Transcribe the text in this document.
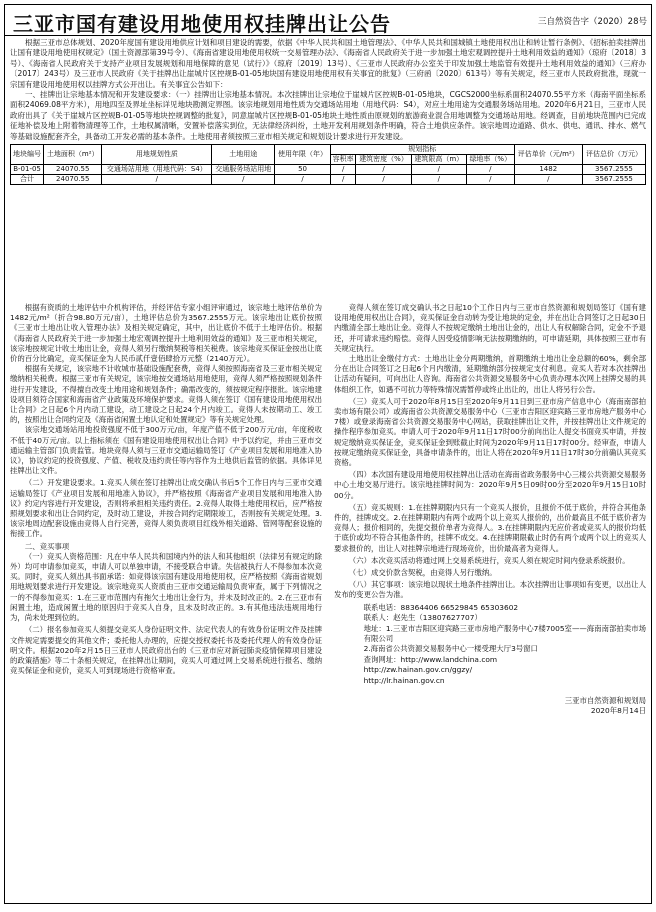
三亚市国有建设用地使用权挂牌出让公告	三自然资告字（2020）28号

根据三亚市总体规划、2020年度国有建设用地供应计划和项目建设的需要，依据《中华人民共和国土地管理法》、《中华人民共和国城镇土地使用权出让和转让暂行条例》、《招标拍卖挂牌出让国有建设用地使用权规定》（国土资源部第39号令）、《海南省建设用地使用权统一交易管理办法》、《海南省人民政府关于进一步加强土地宏观调控提升土地利用效益的通知》（琼府〔2018〕3号）、《海南省人民政府关于支持产业项目发展规划和用地保障的意见（试行）》（琼府〔2019〕13号）、《三亚市人民政府办公室关于印发加强土地监管有效提升土地利用效益的通知》（三府办〔2017〕243号）及三亚市人民政府《关于挂牌出让崖城片区控规B-01-05地块国有建设用地使用权有关事宜的批复》（三府函〔2020〕613号）等有关规定，经三亚市人民政府批准，现就一宗国有建设用地使用权以挂牌方式公开出让。有关事宜公告如下：

一、挂牌出让宗地基本情况和开发建设要求：（一）挂牌出让宗地基本情况。本次挂牌出让宗地位于崖城片区控规B-01-05地块，CGCS2000坐标系面积24070.55平方米（海南平面坐标系面积24069.08平方米），用地四至及界址坐标详见地块勘测定界图。该宗地规划用地性质为交通场站用地（用地代码：S4），对应土地用途为交通服务场站用地。2020年6月21日，三亚市人民政府出具了《关于崖城片区控规B-01-05等地块控规调整的批复》，同意崖城片区控规B-01-05地块土地性质由原规划的旅游商业混合用地调整为交通场站用地。经调查，目前地块范围内已完成征地补偿及地上附着物清理等工作，土地权属清晰，安置补偿落实到位，无法律经济纠纷，土地开发利用规划条件明确，符合土地供应条件。该宗地周边道路、供水、供电、通讯、排水、燃气等基础设施配套齐全，具备动工开发必需的基本条件。土地使用者须按照三亚市相关规定和规划设计要求进行开发建设。

地块编号	土地面积（m²）	用地规划性质	土地用途	使用年限（年）	规划指标				评估单价（元/m²）	评估总价（万元）
					容积率	建筑密度（%）	建筑限高（m）	绿地率（%）		
B-01-05	24070.55	交通场站用地（用地代码：S4）	交通服务场站用地	50	/	/	/	/	1482	3567.2555
合计	24070.55	/	/	/	/	/	/	/	/	3567.2555

根据有资质的土地评估中介机构评估，并经评估专家小组评审通过，该宗地土地评估单价为1482元/m²（折合98.80万元/亩），土地评估总价为3567.2555万元。该宗地出让底价按照《三亚市土地出让收入管理办法》及相关规定确定，其中，出让底价不低于土地评估价。根据《海南省人民政府关于进一步加强土地宏观调控提升土地利用效益的通知》及三亚市相关规定，该宗地按规定计收土地出让金，竞得人须另行缴纳契税等相关税费。该宗地竞买保证金按出让底价的百分比确定，竞买保证金为人民币贰仟壹佰肆拾万元整（2140万元）。

根据有关规定，该宗地不计收城市基础设施配套费，竞得人须按照海南省及三亚市相关规定缴纳相关税费。根据三亚市有关规定，该宗地按交通场站用地使用，竞得人须严格按照规划条件进行开发建设，不得擅自改变土地用途和规划条件；确需改变的，须按规定程序报批。该宗地建设项目须符合国家和海南省产业政策及环境保护要求。竞得人须在签订《国有建设用地使用权出让合同》之日起6个月内动工建设，动工建设之日起24个月内竣工。竞得人未按期动工、竣工的，按照出让合同约定及《海南省闲置土地认定和处置规定》等有关规定处理。

该宗地交通场站用地投资强度不低于300万元/亩，年度产值不低于200万元/亩，年度税收不低于40万元/亩。以上指标须在《国有建设用地使用权出让合同》中予以约定，并由三亚市交通运输主管部门负责监管。地块竞得人须与三亚市交通运输局签订《产业项目发展和用地准入协议》，协议约定的投资强度、产值、税收及违约责任等内容作为土地供后监管的依据。具体详见挂牌出让文件。

（二）开发建设要求。1.竞买人须在签订挂牌出让成交确认书后5个工作日内与三亚市交通运输局签订《产业项目发展和用地准入协议》，并严格按照《海南省产业项目发展和用地准入协议》约定内容进行开发建设，否则将承担相关违约责任。2.竞得人取得土地使用权后，应严格按照规划要求和出让合同约定，及时动工建设，并按合同约定期限竣工，否则按有关规定处理。3.该宗地周边配套设施由竞得人自行完善，竞得人须负责项目红线外相关道路、管网等配套设施的衔接工作。

二、竞买事项

（一）竞买人资格范围：凡在中华人民共和国境内外的法人和其他组织（法律另有规定的除外）均可申请参加竞买，申请人可以单独申请，不接受联合申请。失信被执行人不得参加本次竞买。同时，竞买人须出具书面承诺：如竞得该宗国有建设用地使用权，应严格按照《海南省规划用地规划要求进行开发建设。该宗地竞买人资质由三亚市交通运输局负责审查，属于下列情况之一的不得参加竞买：1.在三亚市范围内有拖欠土地出让金行为，并未及时改正的。2.在三亚市有闲置土地，造成闲置土地的原因归于竞买人自身，且未及时改正的。3.有其他违法违规用地行为，尚未处理到位的。

（二）报名参加竞买人须提交竞买人身份证明文件、法定代表人的有效身份证明文件及挂牌文件规定需要提交的其他文件；委托他人办理的，应提交授权委托书及委托代理人的有效身份证明文件。根据2020年2月15日三亚市人民政府出台的《三亚市应对新冠肺炎疫情保障项目建设的政策措施》等二十条相关规定，在挂牌出让期间，竞买人可通过网上交易系统进行报名、缴纳竞买保证金和竞价，竞买人可到现场进行资格审查。

竞得人须在签订成交确认书之日起10个工作日内与三亚市自然资源和规划局签订《国有建设用地使用权出让合同》，竞买保证金自动转为受让地块的定金，并在出让合同签订之日起30日内缴清全部土地出让金。竞得人不按规定缴纳土地出让金的，出让人有权解除合同，定金不予退还，并可请求违约赔偿。竞得人因受疫情影响无法按期缴纳的，可申请延期，具体按照三亚市有关规定执行。

土地出让金缴付方式：土地出让金分两期缴纳，首期缴纳土地出让金总额的60%，剩余部分在出让合同签订之日起6个月内缴清，延期缴纳部分按规定支付利息。竞买人若对本次挂牌出让活动有疑问，可向出让人咨询。海南省公共资源交易服务中心负责办理本次网上挂牌交易的具体组织工作，如遇不可抗力等特殊情况需暂停或终止出让的，出让人将另行公告。

（三）竞买人可于2020年8月15日至2020年9月11日到三亚市房产信息中心（海南南部拍卖市场有限公司）或海南省公共资源交易服务中心（三亚市吉阳区迎宾路三亚市房地产服务中心7楼）或登录海南省公共资源交易服务中心网站，获取挂牌出让文件，并按挂牌出让文件规定的操作程序参加竞买。申请人可于2020年9月11日17时00分前向出让人提交书面竞买申请，并按规定缴纳竞买保证金，竞买保证金到账截止时间为2020年9月11日17时00分。经审查，申请人按规定缴纳竞买保证金，具备申请条件的，出让人将在2020年9月11日17时30分前确认其竞买资格。

（四）本次国有建设用地使用权挂牌出让活动在海南省政务服务中心三楼公共资源交易服务中心土地交易厅进行。该宗地挂牌时间为：2020年9月5日09时00分至2020年9月15日10时00分。

（五）竞买规则：1.在挂牌期限内只有一个竞买人报价，且报价不低于底价，并符合其他条件的，挂牌成交。2.在挂牌期限内有两个或两个以上竞买人报价的，出价最高且不低于底价者为竞得人；报价相同的，先提交报价单者为竞得人。3.在挂牌期限内无应价者或竞买人的报价均低于底价或均不符合其他条件的，挂牌不成交。4.在挂牌期限截止时仍有两个或两个以上的竞买人要求报价的，出让人对挂牌宗地进行现场竞价，出价最高者为竞得人。

（六）本次竞买活动将通过网上交易系统进行，竞买人须在规定时间内登录系统报价。

（七）成交价款含契税，由竞得人另行缴纳。

（八）其它事项：该宗地以现状土地条件挂牌出让。本次挂牌出让事项如有变更，以出让人发布的变更公告为准。

联系电话：88364406 66529845 65303602
联系人：赵先生（13807627707）
地址：1.三亚市吉阳区迎宾路三亚市房地产服务中心7楼7005室——海南南部拍卖市场有限公司
2.海南省公共资源交易服务中心一楼受理大厅3号窗口
查询网址：http://www.landchina.com
http://zw.hainan.gov.cn/ggzy/
http://lr.hainan.gov.cn
三亚市自然资源和规划局
2020年8月14日
